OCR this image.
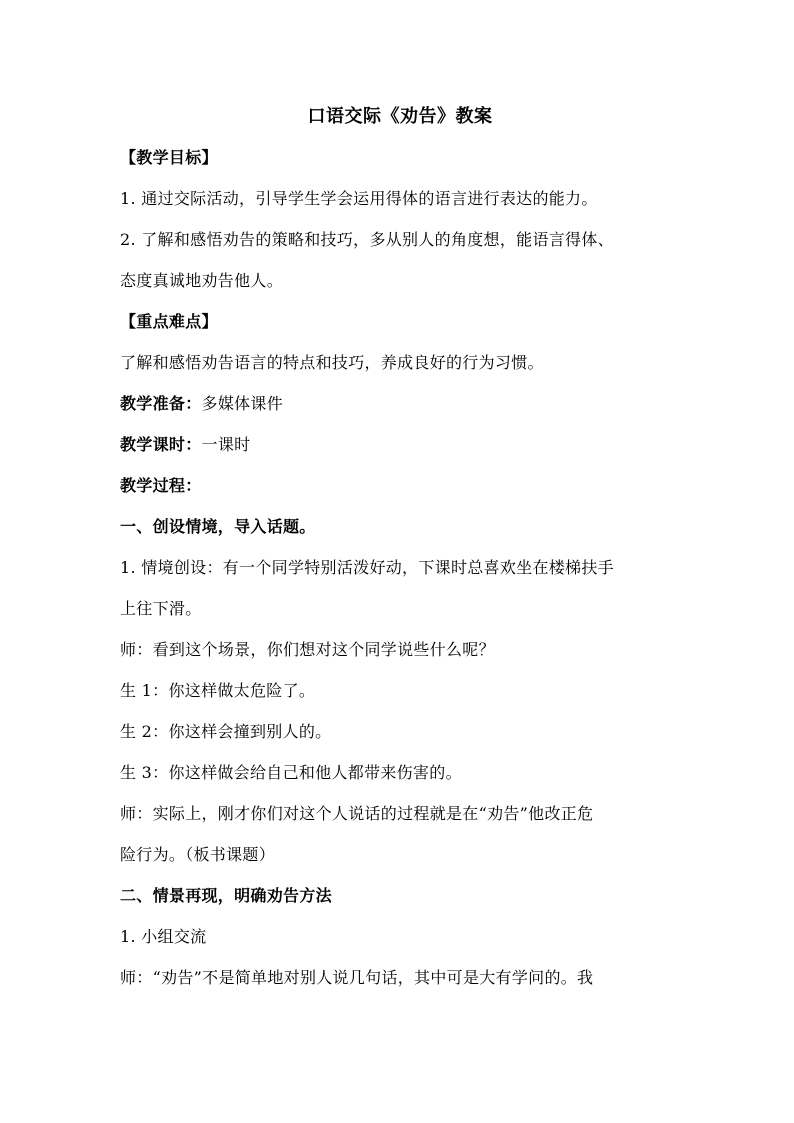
口语交际《劝告》教案

【教学目标】

1. 通过交际活动，引导学生学会运用得体的语言进行表达的能力。

2. 了解和感悟劝告的策略和技巧，多从别人的角度想，能语言得体、

态度真诚地劝告他人。

【重点难点】

了解和感悟劝告语言的特点和技巧，养成良好的行为习惯。

教学准备：多媒体课件

教学课时：一课时

教学过程：

一、创设情境，导入话题。

1. 情境创设：有一个同学特别活泼好动，下课时总喜欢坐在楼梯扶手

上往下滑。

师：看到这个场景，你们想对这个同学说些什么呢？

生 1：你这样做太危险了。

生 2：你这样会撞到别人的。

生 3：你这样做会给自己和他人都带来伤害的。

师：实际上，刚才你们对这个人说话的过程就是在“劝告”他改正危

险行为。（板书课题）

二、情景再现，明确劝告方法

1. 小组交流

师：“劝告”不是简单地对别人说几句话，其中可是大有学问的。我
